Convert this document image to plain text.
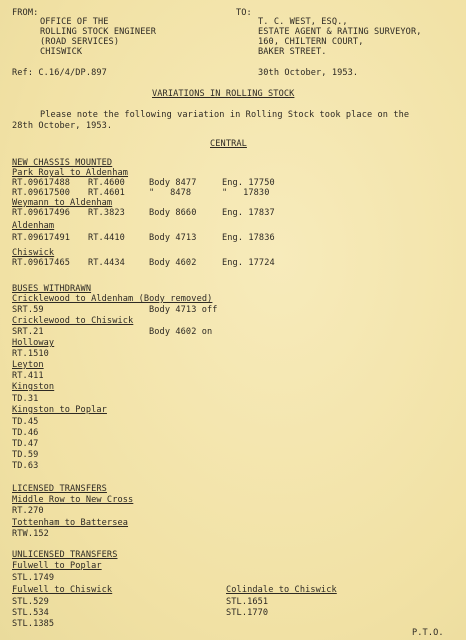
FROM:
OFFICE OF THE
ROLLING STOCK ENGINEER
(ROAD SERVICES)
CHISWICK
TO:
T. C. WEST, ESQ.,
ESTATE AGENT & RATING SURVEYOR,
160, CHILTERN COURT,
BAKER STREET.
Ref: C.16/4/DP.897	30th October, 1953.
VARIATIONS IN ROLLING STOCK
Please note the following variation in Rolling Stock took place on the
28th October, 1953.
CENTRAL
NEW CHASSIS MOUNTED
Park Royal to Aldenham
RT.09617488 RT.4600	Body 8477	Eng. 17750
RT.09617500 RT.4601	"   8478	"   17830
Weymann to Aldenham
RT.09617496 RT.3823	Body 8660	Eng. 17837
Aldenham
RT.09617491 RT.4410	Body 4713	Eng. 17836
Chiswick
RT.09617465 RT.4434	Body 4602	Eng. 17724
BUSES WITHDRAWN
Cricklewood to Aldenham (Body removed)
SRT.59	Body 4713 off
Cricklewood to Chiswick
SRT.21	Body 4602 on
Holloway
RT.1510
Leyton
RT.411
Kingston
TD.31
Kingston to Poplar
TD.45
TD.46
TD.47
TD.59
TD.63
LICENSED TRANSFERS
Middle Row to New Cross
RT.270
Tottenham to Battersea
RTW.152
UNLICENSED TRANSFERS
Fulwell to Poplar
STL.1749
Fulwell to Chiswick
STL.529
STL.534
STL.1385
Colindale to Chiswick
STL.1651
STL.1770
P.T.O.
